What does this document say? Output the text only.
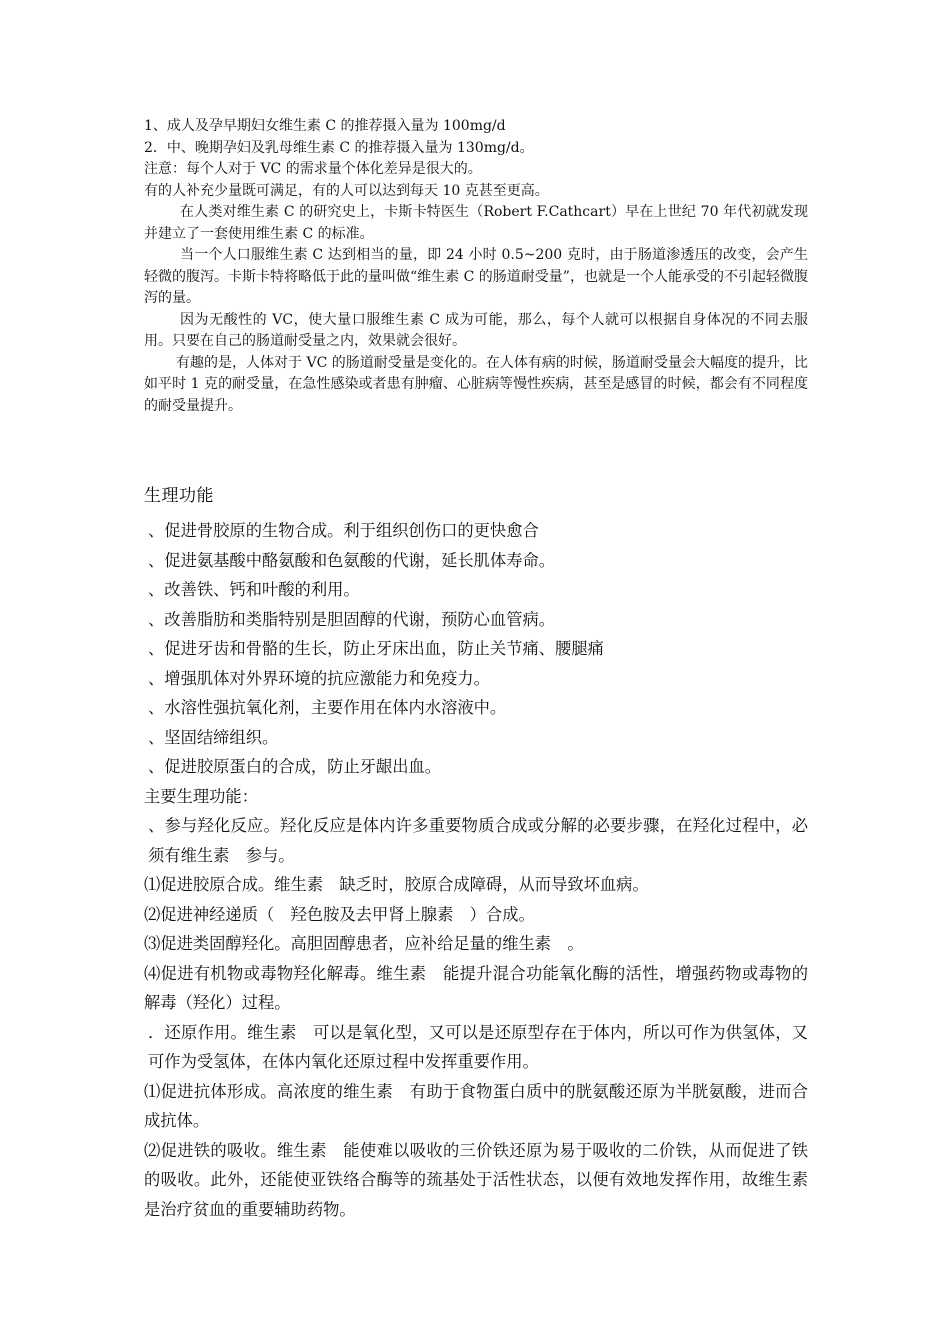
1、成人及孕早期妇女维生素 C 的推荐摄入量为 100mg/d

2．中、晚期孕妇及乳母维生素 C 的推荐摄入量为 130mg/d。

注意：每个人对于 VC 的需求量个体化差异是很大的。

有的人补充少量既可满足，有的人可以达到每天 10 克甚至更高。

在人类对维生素 C 的研究史上，卡斯卡特医生（Robert F.Cathcart）早在上世纪 70 年代初就发现并建立了一套使用维生素 C 的标准。

当一个人口服维生素 C 达到相当的量，即 24 小时 0.5~200 克时，由于肠道渗透压的改变，会产生轻微的腹泻。卡斯卡特将略低于此的量叫做“维生素 C 的肠道耐受量”，也就是一个人能承受的不引起轻微腹泻的量。

因为无酸性的 VC，使大量口服维生素 C 成为可能，那么，每个人就可以根据自身体况的不同去服用。只要在自己的肠道耐受量之内，效果就会很好。

有趣的是，人体对于 VC 的肠道耐受量是变化的。在人体有病的时候，肠道耐受量会大幅度的提升，比如平时 1 克的耐受量，在急性感染或者患有肿瘤、心脏病等慢性疾病，甚至是感冒的时候，都会有不同程度的耐受量提升。

生理功能

、促进骨胶原的生物合成。利于组织创伤口的更快愈合

、促进氨基酸中酪氨酸和色氨酸的代谢，延长肌体寿命。

、改善铁、钙和叶酸的利用。

、改善脂肪和类脂特别是胆固醇的代谢，预防心血管病。

、促进牙齿和骨骼的生长，防止牙床出血，防止关节痛、腰腿痛

、增强肌体对外界环境的抗应激能力和免疫力。

、水溶性强抗氧化剂，主要作用在体内水溶液中。

、坚固结缔组织。

、促进胶原蛋白的合成，防止牙龈出血。

主要生理功能：

、参与羟化反应。羟化反应是体内许多重要物质合成或分解的必要步骤，在羟化过程中，必须有维生素　参与。

⑴促进胶原合成。维生素　缺乏时，胶原合成障碍，从而导致坏血病。

⑵促进神经递质（　羟色胺及去甲肾上腺素　）合成。

⑶促进类固醇羟化。高胆固醇患者，应补给足量的维生素　。

⑷促进有机物或毒物羟化解毒。维生素　能提升混合功能氧化酶的活性，增强药物或毒物的解毒（羟化）过程。

．还原作用。维生素　可以是氧化型，又可以是还原型存在于体内，所以可作为供氢体，又可作为受氢体，在体内氧化还原过程中发挥重要作用。

⑴促进抗体形成。高浓度的维生素　有助于食物蛋白质中的胱氨酸还原为半胱氨酸，进而合成抗体。

⑵促进铁的吸收。维生素　能使难以吸收的三价铁还原为易于吸收的二价铁，从而促进了铁的吸收。此外，还能使亚铁络合酶等的巯基处于活性状态，以便有效地发挥作用，故维生素　是治疗贫血的重要辅助药物。
